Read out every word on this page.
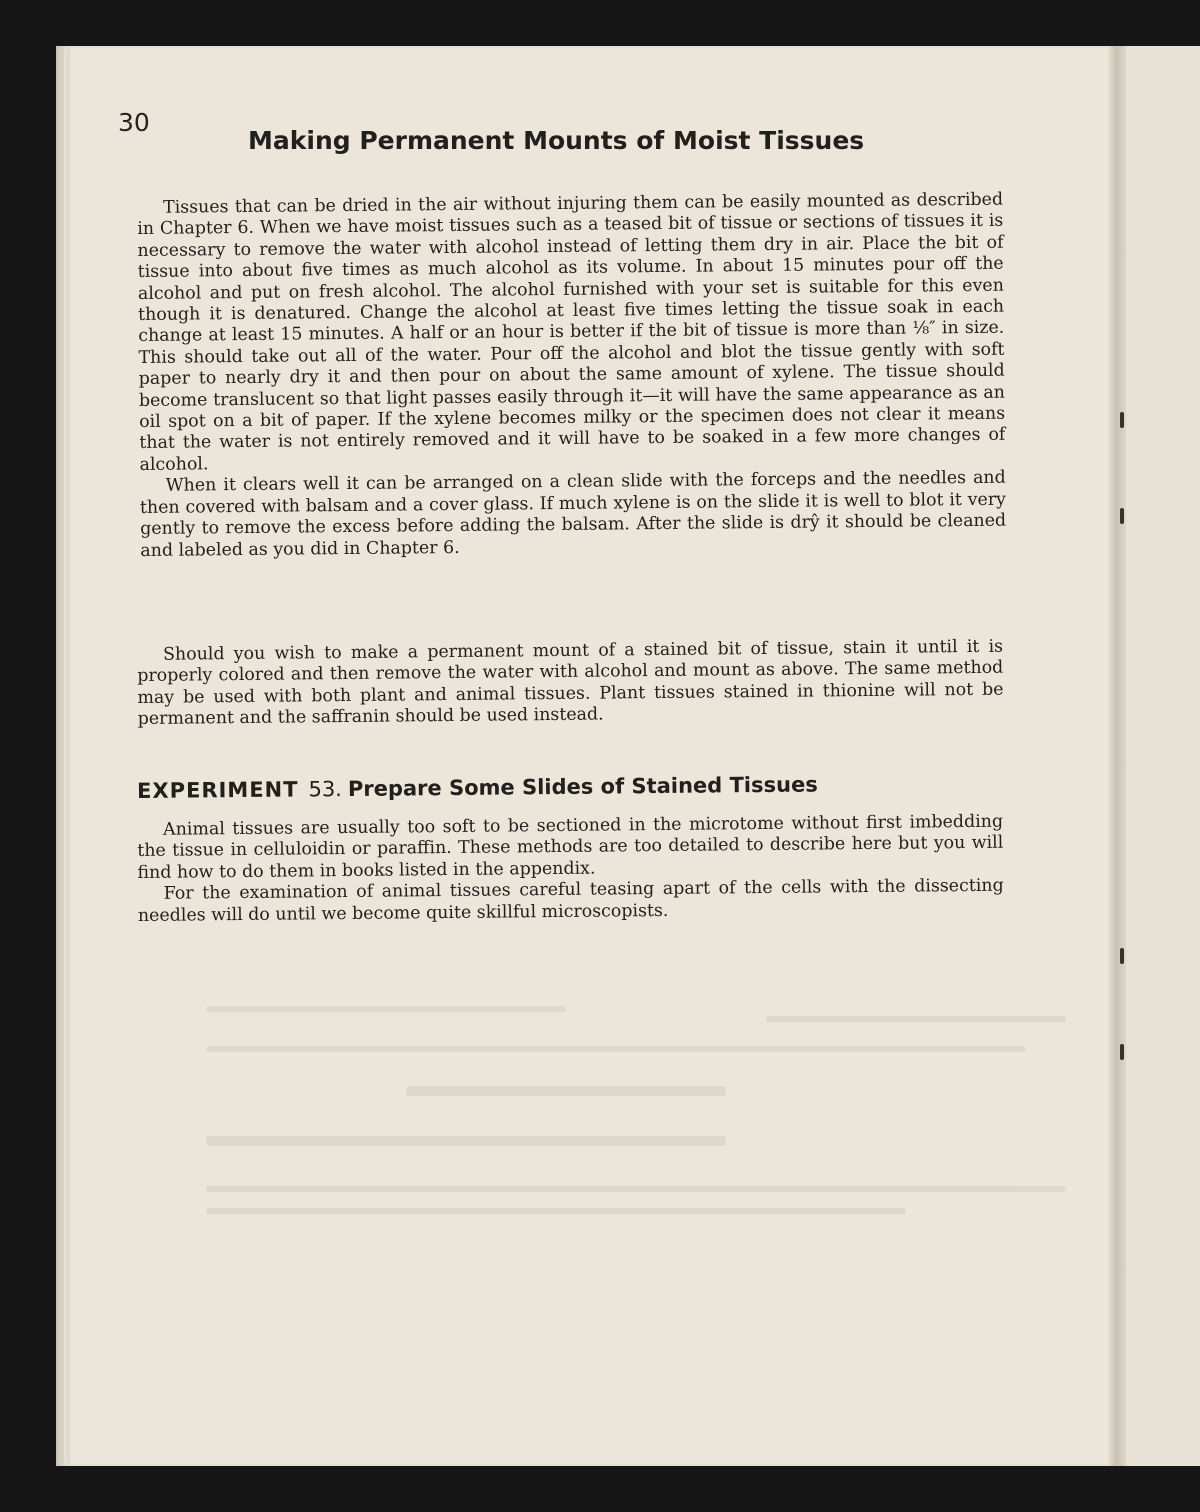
30
Making Permanent Mounts of Moist Tissues

Tissues that can be dried in the air without injuring them can be easily mounted as described in Chapter 6. When we have moist tissues such as a teased bit of tissue or sections of tissues it is necessary to remove the water with alcohol instead of letting them dry in air. Place the bit of tissue into about five times as much alcohol as its volume. In about 15 minutes pour off the alcohol and put on fresh alcohol. The alcohol furnished with your set is suitable for this even though it is denatured. Change the alcohol at least five times letting the tissue soak in each change at least 15 minutes. A half or an hour is better if the bit of tissue is more than ⅛″ in size. This should take out all of the water. Pour off the alcohol and blot the tissue gently with soft paper to nearly dry it and then pour on about the same amount of xylene. The tissue should become translucent so that light passes easily through it—it will have the same appearance as an oil spot on a bit of paper. If the xylene becomes milky or the specimen does not clear it means that the water is not entirely removed and it will have to be soaked in a few more changes of alcohol.

When it clears well it can be arranged on a clean slide with the forceps and the needles and then covered with balsam and a cover glass. If much xylene is on the slide it is well to blot it very gently to remove the excess before adding the balsam. After the slide is drŷ it should be cleaned and labeled as you did in Chapter 6.

Should you wish to make a permanent mount of a stained bit of tissue, stain it until it is properly colored and then remove the water with alcohol and mount as above. The same method may be used with both plant and animal tissues. Plant tissues stained in thionine will not be permanent and the saffranin should be used instead.

EXPERIMENT 53. Prepare Some Slides of Stained Tissues

Animal tissues are usually too soft to be sectioned in the microtome without first imbedding the tissue in celluloidin or paraffin. These methods are too detailed to describe here but you will find how to do them in books listed in the appendix.

For the examination of animal tissues careful teasing apart of the cells with the dissecting needles will do until we become quite skillful microscopists.
